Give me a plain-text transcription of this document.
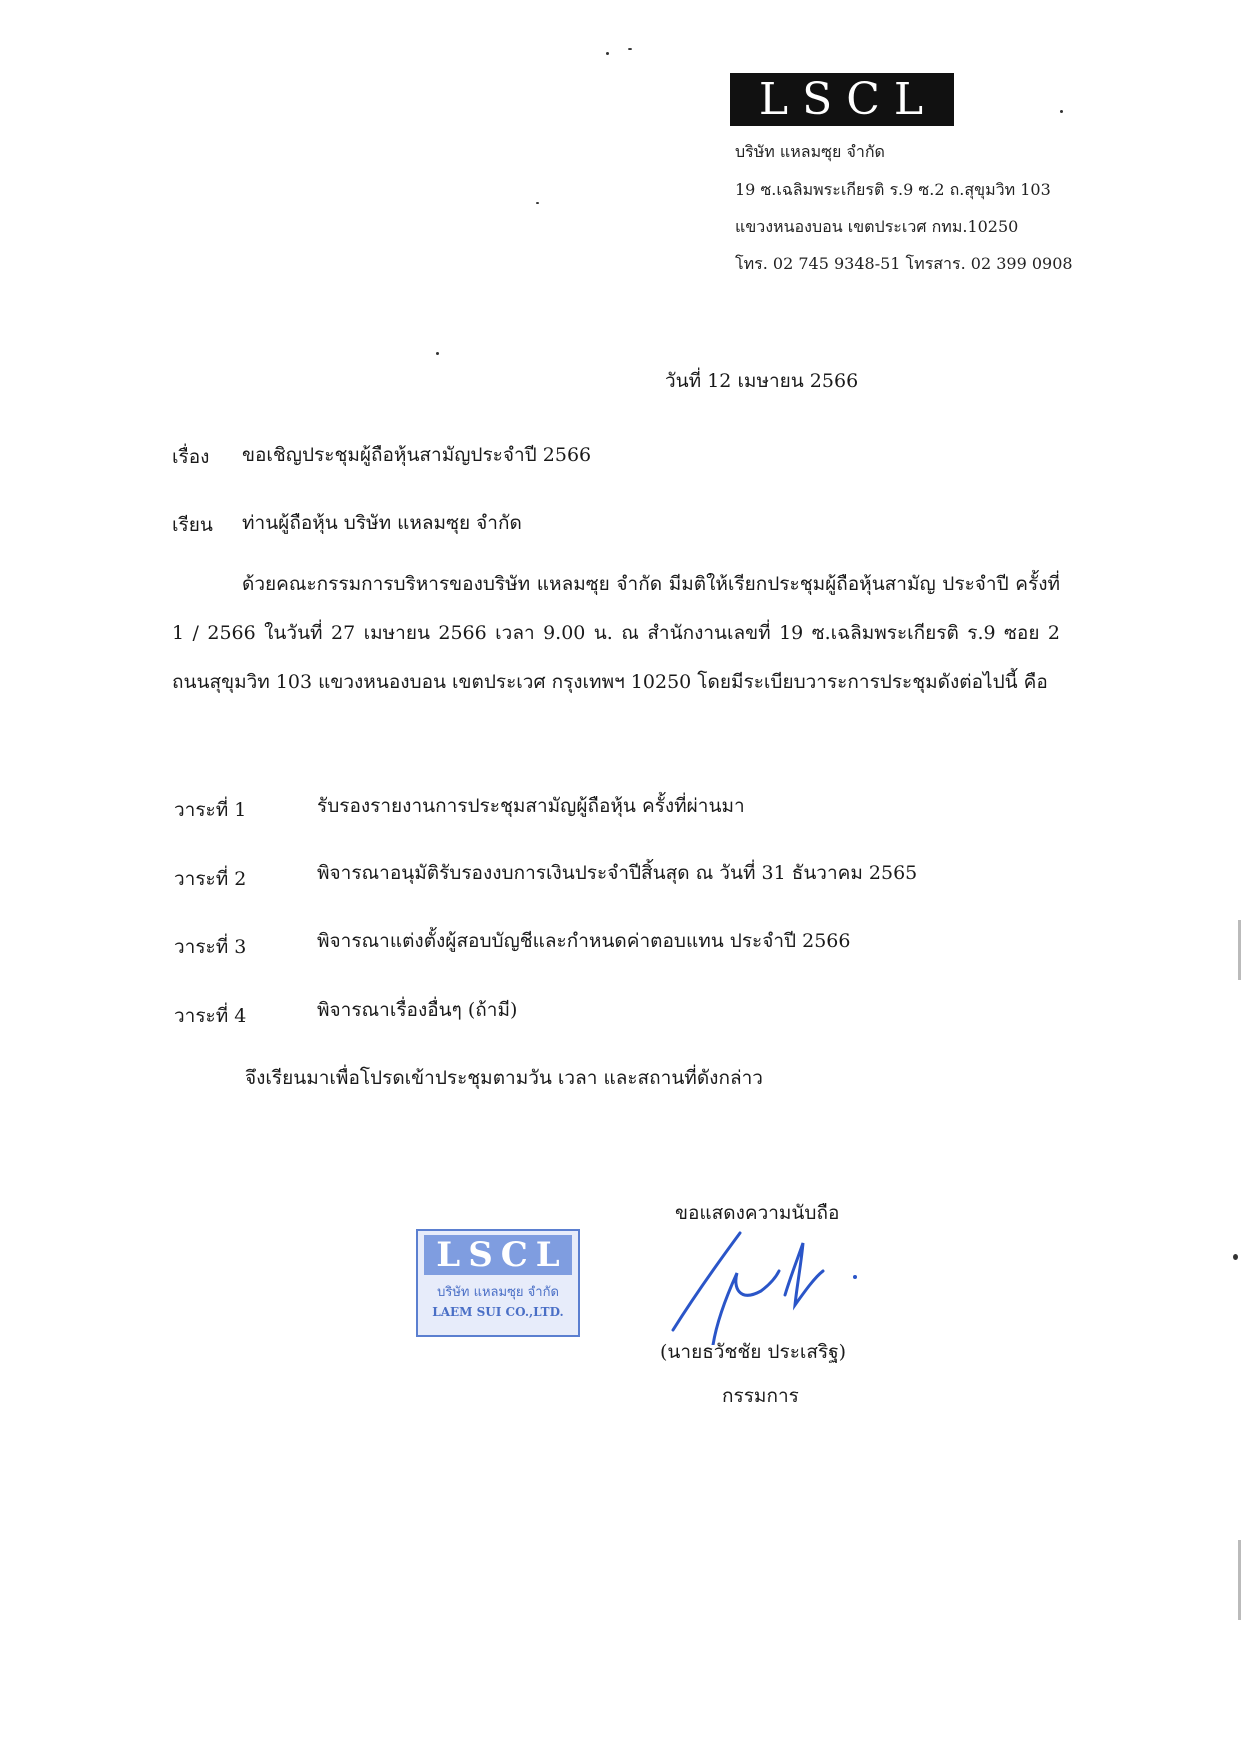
LSCL
บริษัท แหลมซุย จำกัด
19 ซ.เฉลิมพระเกียรติ ร.9 ซ.2 ถ.สุขุมวิท 103
แขวงหนองบอน เขตประเวศ กทม.10250
โทร. 02 745 9348-51 โทรสาร. 02 399 0908
วันที่ 12 เมษายน 2566
เรื่อง ขอเชิญประชุมผู้ถือหุ้นสามัญประจำปี 2566
เรียน ท่านผู้ถือหุ้น บริษัท แหลมซุย จำกัด
ด้วยคณะกรรมการบริหารของบริษัท แหลมซุย จำกัด มีมติให้เรียกประชุมผู้ถือหุ้นสามัญ ประจำปี ครั้งที่ 1 / 2566 ในวันที่ 27 เมษายน 2566 เวลา 9.00 น. ณ สำนักงานเลขที่ 19 ซ.เฉลิมพระเกียรติ ร.9 ซอย 2 ถนนสุขุมวิท 103 แขวงหนองบอน เขตประเวศ กรุงเทพฯ 10250 โดยมีระเบียบวาระการประชุมดังต่อไปนี้ คือ
วาระที่ 1	รับรองรายงานการประชุมสามัญผู้ถือหุ้น ครั้งที่ผ่านมา
วาระที่ 2	พิจารณาอนุมัติรับรองงบการเงินประจำปีสิ้นสุด ณ วันที่ 31 ธันวาคม 2565
วาระที่ 3	พิจารณาแต่งตั้งผู้สอบบัญชีและกำหนดค่าตอบแทน ประจำปี 2566
วาระที่ 4	พิจารณาเรื่องอื่นๆ (ถ้ามี)
จึงเรียนมาเพื่อโปรดเข้าประชุมตามวัน เวลา และสถานที่ดังกล่าว
LSCL
บริษัท แหลมซุย จำกัด
LAEM SUI CO.,LTD.
ขอแสดงความนับถือ
(นายธวัชชัย ประเสริฐ)
กรรมการ
